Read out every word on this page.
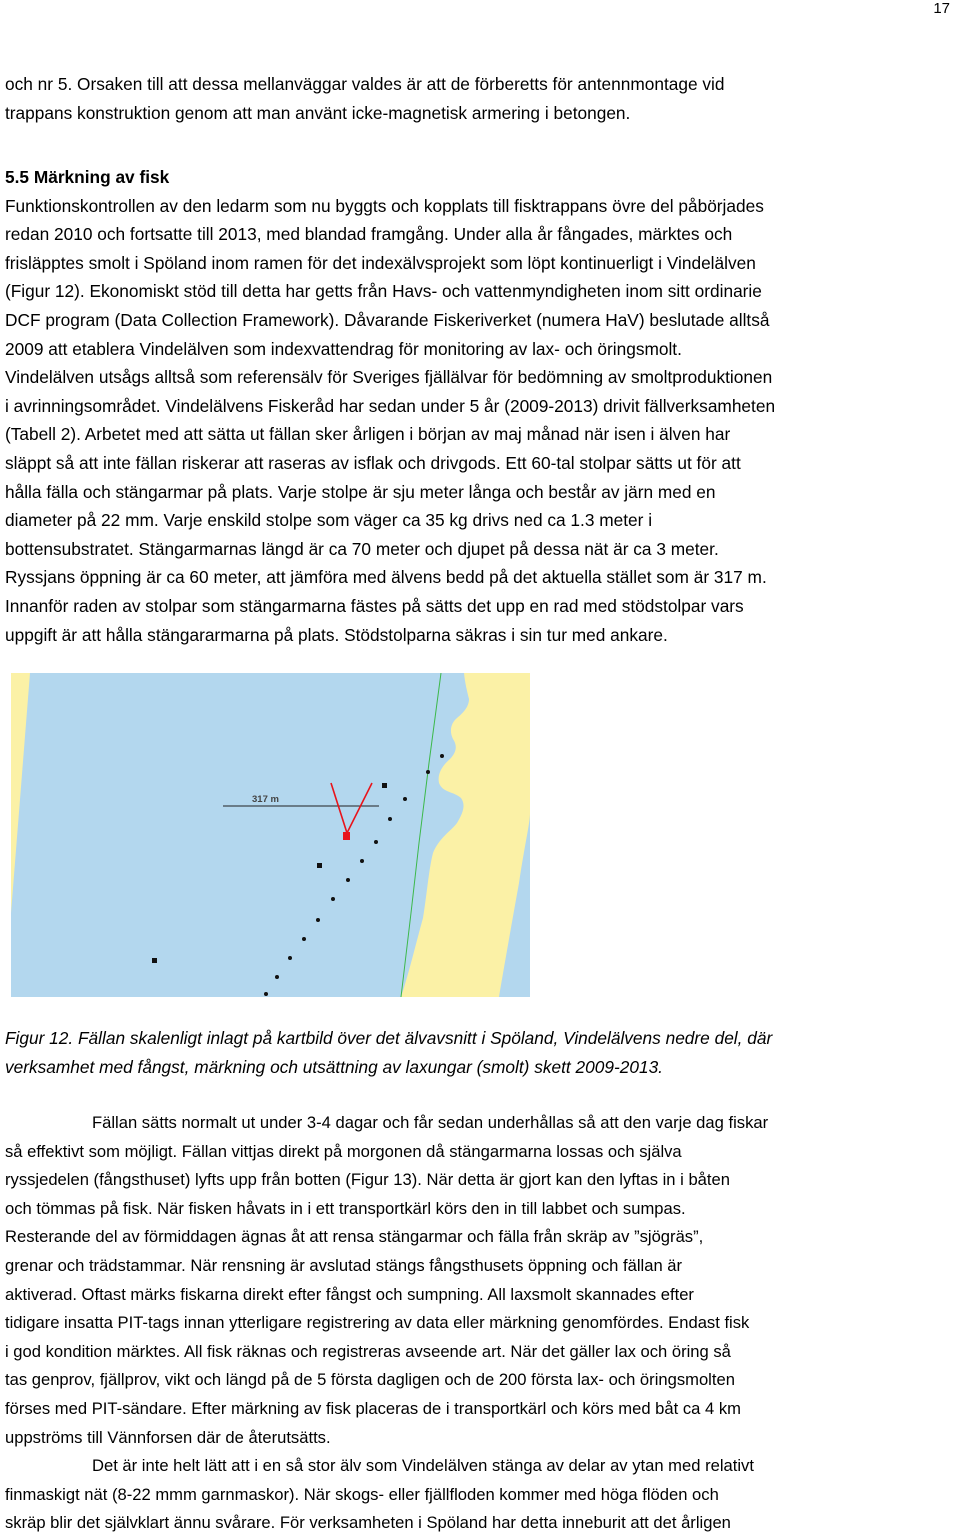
17
och nr 5. Orsaken till att dessa mellanväggar valdes är att de förberetts för antennmontage vid
trappans konstruktion genom att man använt icke-magnetisk armering i betongen.
5.5 Märkning av fisk
Funktionskontrollen av den ledarm som nu byggts och kopplats till fisktrappans övre del påbörjades
redan 2010 och fortsatte till 2013, med blandad framgång. Under alla år fångades, märktes och
frisläpptes smolt i Spöland inom ramen för det indexälvsprojekt som löpt kontinuerligt i Vindelälven
(Figur 12). Ekonomiskt stöd till detta har getts från Havs- och vattenmyndigheten inom sitt ordinarie
DCF program (Data Collection Framework). Dåvarande Fiskeriverket (numera HaV) beslutade alltså
2009 att etablera Vindelälven som indexvattendrag för monitoring av lax- och öringsmolt.
Vindelälven utsågs alltså som referensälv för Sveriges fjällälvar för bedömning av smoltproduktionen
i avrinningsområdet. Vindelälvens Fiskeråd har sedan under 5 år (2009-2013) drivit fällverksamheten
(Tabell 2). Arbetet med att sätta ut fällan sker årligen i början av maj månad när isen i älven har
släppt så att inte fällan riskerar att raseras av isflak och drivgods. Ett 60-tal stolpar sätts ut för att
hålla fälla och stängarmar på plats. Varje stolpe är sju meter långa och består av järn med en
diameter på 22 mm. Varje enskild stolpe som väger ca 35 kg drivs ned ca 1.3 meter i
bottensubstratet. Stängarmarnas längd är ca 70 meter och djupet på dessa nät är ca 3 meter.
Ryssjans öppning är ca 60 meter, att jämföra med älvens bedd på det aktuella stället som är 317 m.
Innanför raden av stolpar som stängarmarna fästes på sätts det upp en rad med stödstolpar vars
uppgift är att hålla stängararmarna på plats. Stödstolparna säkras i sin tur med ankare.
317 m
Figur 12. Fällan skalenligt inlagt på kartbild över det älvavsnitt i Spöland, Vindelälvens nedre del, där
verksamhet med fångst, märkning och utsättning av laxungar (smolt) skett 2009-2013.
Fällan sätts normalt ut under 3-4 dagar och får sedan underhållas så att den varje dag fiskar
så effektivt som möjligt. Fällan vittjas direkt på morgonen då stängarmarna lossas och själva
ryssjedelen (fångsthuset) lyfts upp från botten (Figur 13). När detta är gjort kan den lyftas in i båten
och tömmas på fisk. När fisken håvats in i ett transportkärl körs den in till labbet och sumpas.
Resterande del av förmiddagen ägnas åt att rensa stängarmar och fälla från skräp av ”sjögräs”,
grenar och trädstammar. När rensning är avslutad stängs fångsthusets öppning och fällan är
aktiverad. Oftast märks fiskarna direkt efter fångst och sumpning. All laxsmolt skannades efter
tidigare insatta PIT-tags innan ytterligare registrering av data eller märkning genomfördes. Endast fisk
i god kondition märktes. All fisk räknas och registreras avseende art. När det gäller lax och öring så
tas genprov, fjällprov, vikt och längd på de 5 första dagligen och de 200 första lax- och öringsmolten
förses med PIT-sändare. Efter märkning av fisk placeras de i transportkärl och körs med båt ca 4 km
uppströms till Vännforsen där de återutsätts.
Det är inte helt lätt att i en så stor älv som Vindelälven stänga av delar av ytan med relativt
finmaskigt nät (8-22 mmm garnmaskor). När skogs- eller fjällfloden kommer med höga flöden och
skräp blir det självklart ännu svårare. För verksamheten i Spöland har detta inneburit att det årligen
